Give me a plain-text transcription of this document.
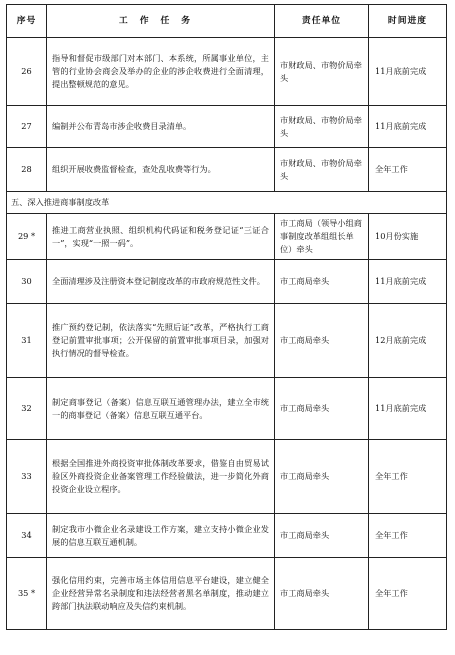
序号	工作任务	责任单位	时间进度
26	指导和督促市级部门对本部门、本系统，所属事业单位，主管的行业协会商会及举办的企业的涉企收费进行全面清理，提出整顿规范的意见。	市财政局、市物价局牵头	11月底前完成
27	编制并公布青岛市涉企收费目录清单。	市财政局、市物价局牵头	11月底前完成
28	组织开展收费监督检查，查处乱收费等行为。	市财政局、市物价局牵头	全年工作
五、深入推进商事制度改革			
29 *	推进工商营业执照、组织机构代码证和税务登记证“三证合一”，实现“一照一码”。	市工商局（领导小组商事制度改革组组长单位）牵头	10月份实施
30	全面清理涉及注册资本登记制度改革的市政府规范性文件。	市工商局牵头	11月底前完成
31	推广预约登记制，依法落实“先照后证”改革，严格执行工商登记前置审批事项；公开保留的前置审批事项目录，加强对执行情况的督导检查。	市工商局牵头	12月底前完成
32	制定商事登记（备案）信息互联互通管理办法，建立全市统一的商事登记（备案）信息互联互通平台。	市工商局牵头	11月底前完成
33	根据全国推进外商投资审批体制改革要求，借鉴自由贸易试验区外商投资企业备案管理工作经验做法，进一步简化外商投资企业设立程序。	市工商局牵头	全年工作
34	制定我市小微企业名录建设工作方案，建立支持小微企业发展的信息互联互通机制。	市工商局牵头	全年工作
35 *	强化信用约束，完善市场主体信用信息平台建设，建立健全企业经营异常名录制度和违法经营者黑名单制度，推动建立跨部门执法联动响应及失信约束机制。	市工商局牵头	全年工作
